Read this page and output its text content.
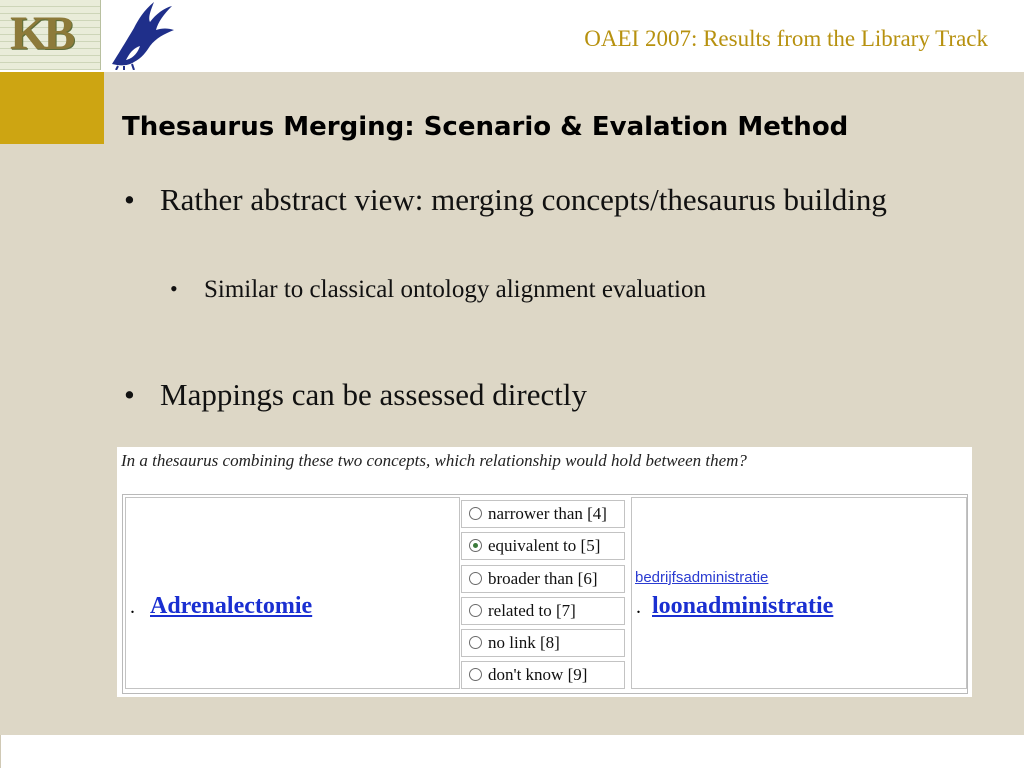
KB	OAEI 2007: Results from the Library Track
Thesaurus Merging: Scenario & Evalation Method
• Rather abstract view: merging concepts/thesaurus building
• Similar to classical ontology alignment evaluation
• Mappings can be assessed directly
In a thesaurus combining these two concepts, which relationship would hold between them?
. Adrenalectomie
narrower than [4]
equivalent to [5]
broader than [6]
related to [7]
no link [8]
don't know [9]
bedrijfsadministratie
. loonadministratie
